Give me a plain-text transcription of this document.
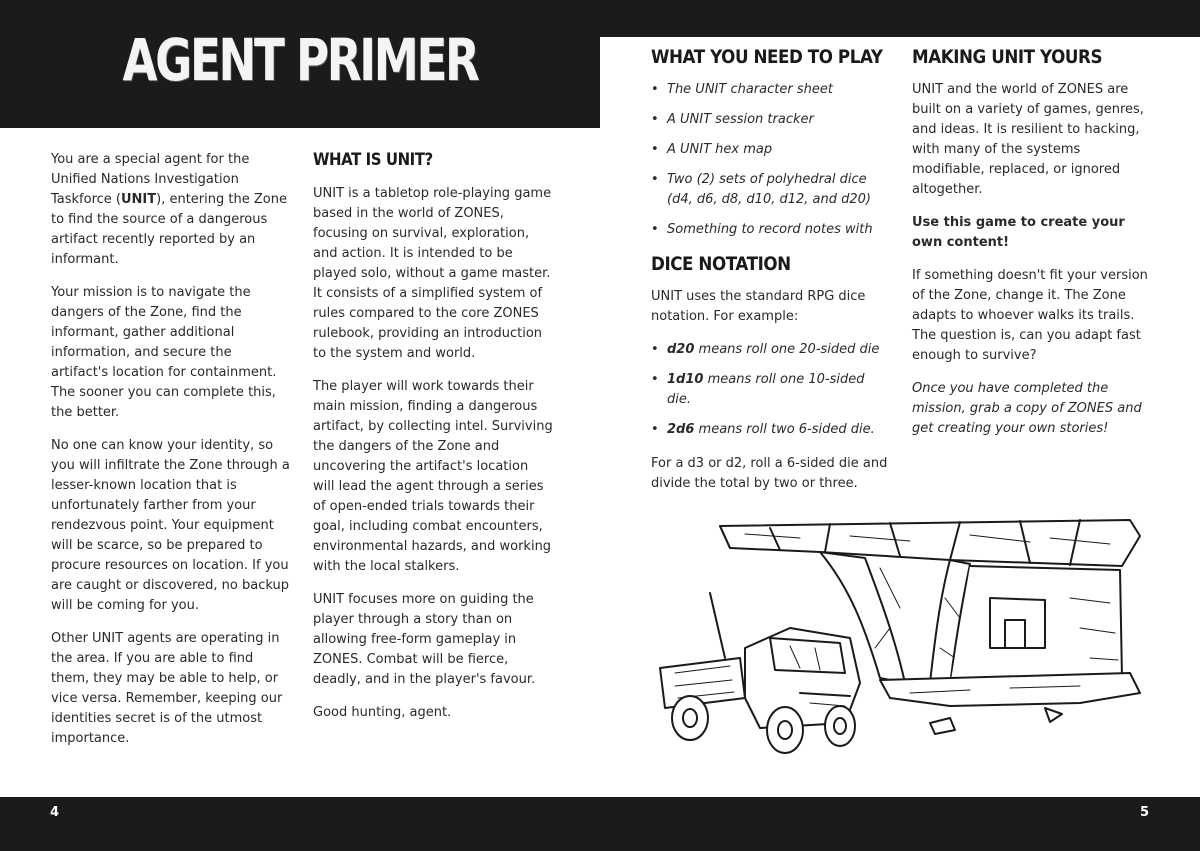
AGENT PRIMER

You are a special agent for the Unified Nations Investigation Taskforce (UNIT), entering the Zone to find the source of a dangerous artifact recently reported by an informant.

Your mission is to navigate the dangers of the Zone, find the informant, gather additional information, and secure the artifact's location for containment. The sooner you can complete this, the better.

No one can know your identity, so you will infiltrate the Zone through a lesser-known location that is unfortunately farther from your rendezvous point. Your equipment will be scarce, so be prepared to procure resources on location. If you are caught or discovered, no backup will be coming for you.

Other UNIT agents are operating in the area. If you are able to find them, they may be able to help, or vice versa. Remember, keeping our identities secret is of the utmost importance.

WHAT IS UNIT?

UNIT is a tabletop role-playing game based in the world of ZONES, focusing on survival, exploration, and action. It is intended to be played solo, without a game master. It consists of a simplified system of rules compared to the core ZONES rulebook, providing an introduction to the system and world.

The player will work towards their main mission, finding a dangerous artifact, by collecting intel. Surviving the dangers of the Zone and uncovering the artifact's location will lead the agent through a series of open-ended trials towards their goal, including combat encounters, environmental hazards, and working with the local stalkers.

UNIT focuses more on guiding the player through a story than on allowing free-form gameplay in ZONES. Combat will be fierce, deadly, and in the player's favour.

Good hunting, agent.

WHAT YOU NEED TO PLAY
• The UNIT character sheet
• A UNIT session tracker
• A UNIT hex map
• Two (2) sets of polyhedral dice (d4, d6, d8, d10, d12, and d20)
• Something to record notes with
DICE NOTATION

UNIT uses the standard RPG dice notation. For example:

• d20 means roll one 20-sided die
• 1d10 means roll one 10-sided die.
• 2d6 means roll two 6-sided die.

For a d3 or d2, roll a 6-sided die and divide the total by two or three.

MAKING UNIT YOURS

UNIT and the world of ZONES are built on a variety of games, genres, and ideas. It is resilient to hacking, with many of the systems modifiable, replaced, or ignored altogether.

Use this game to create your own content!

If something doesn't fit your version of the Zone, change it. The Zone adapts to whoever walks its trails. The question is, can you adapt fast enough to survive?

Once you have completed the mission, grab a copy of ZONES and get creating your own stories!

4	5
